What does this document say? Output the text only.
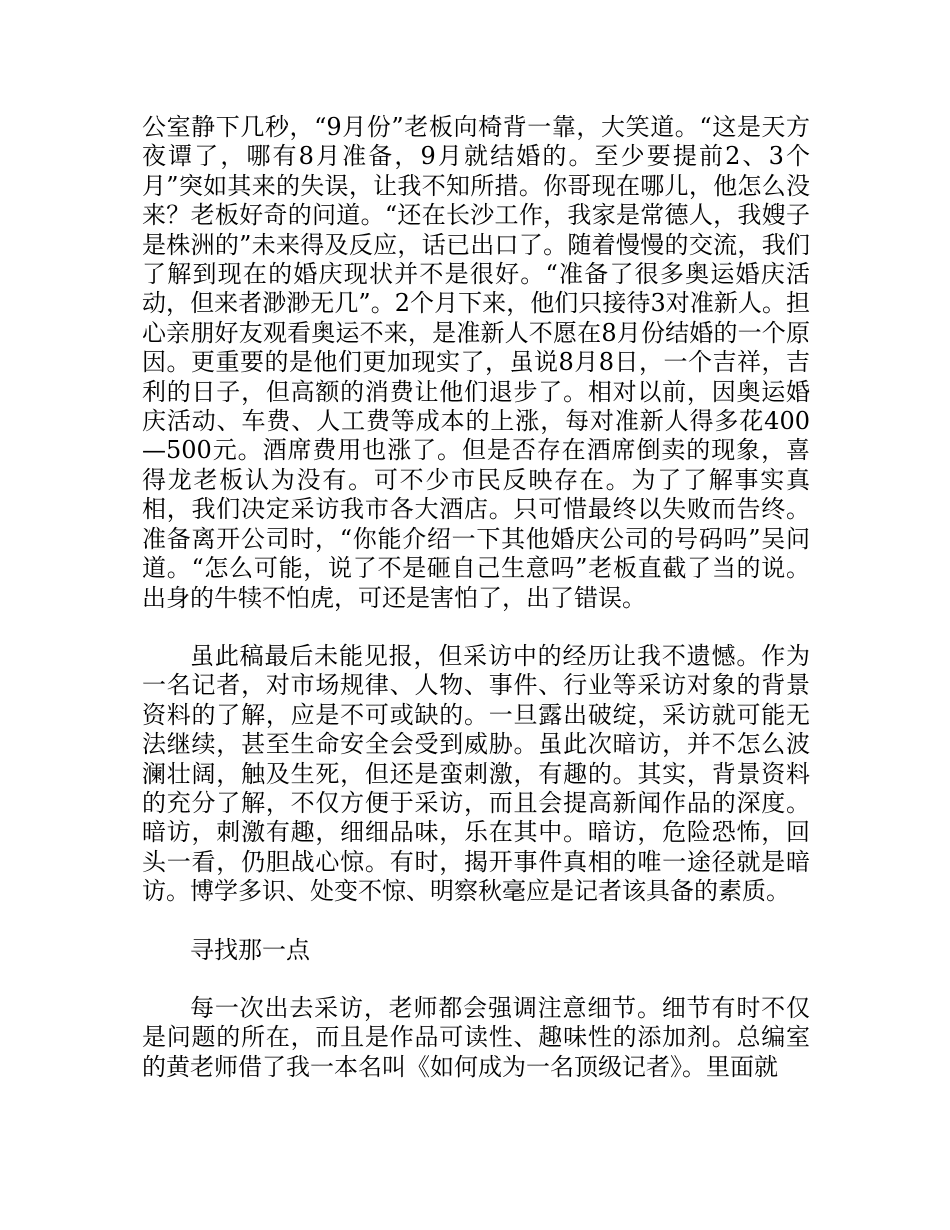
公室静下几秒，“9月份”老板向椅背一靠，大笑道。“这是天方夜谭了，哪有8月准备，9月就结婚的。至少要提前2、3个月”突如其来的失误，让我不知所措。你哥现在哪儿，他怎么没来？老板好奇的问道。“还在长沙工作，我家是常德人，我嫂子是株洲的”未来得及反应，话已出口了。随着慢慢的交流，我们了解到现在的婚庆现状并不是很好。“准备了很多奥运婚庆活动，但来者渺渺无几”。2个月下来，他们只接待3对准新人。担心亲朋好友观看奥运不来，是准新人不愿在8月份结婚的一个原因。更重要的是他们更加现实了，虽说8月8日，一个吉祥，吉利的日子，但高额的消费让他们退步了。相对以前，因奥运婚庆活动、车费、人工费等成本的上涨，每对准新人得多花400—500元。酒席费用也涨了。但是否存在酒席倒卖的现象，喜得龙老板认为没有。可不少市民反映存在。为了了解事实真相，我们决定采访我市各大酒店。只可惜最终以失败而告终。准备离开公司时，“你能介绍一下其他婚庆公司的号码吗”吴问道。“怎么可能，说了不是砸自己生意吗”老板直截了当的说。出身的牛犊不怕虎，可还是害怕了，出了错误。

虽此稿最后未能见报，但采访中的经历让我不遗憾。作为一名记者，对市场规律、人物、事件、行业等采访对象的背景资料的了解，应是不可或缺的。一旦露出破绽，采访就可能无法继续，甚至生命安全会受到威胁。虽此次暗访，并不怎么波澜壮阔，触及生死，但还是蛮刺激，有趣的。其实，背景资料的充分了解，不仅方便于采访，而且会提高新闻作品的深度。暗访，刺激有趣，细细品味，乐在其中。暗访，危险恐怖，回头一看，仍胆战心惊。有时，揭开事件真相的唯一途径就是暗访。博学多识、处变不惊、明察秋毫应是记者该具备的素质。

寻找那一点

每一次出去采访，老师都会强调注意细节。细节有时不仅是问题的所在，而且是作品可读性、趣味性的添加剂。总编室的黄老师借了我一本名叫《如何成为一名顶级记者》。里面就
